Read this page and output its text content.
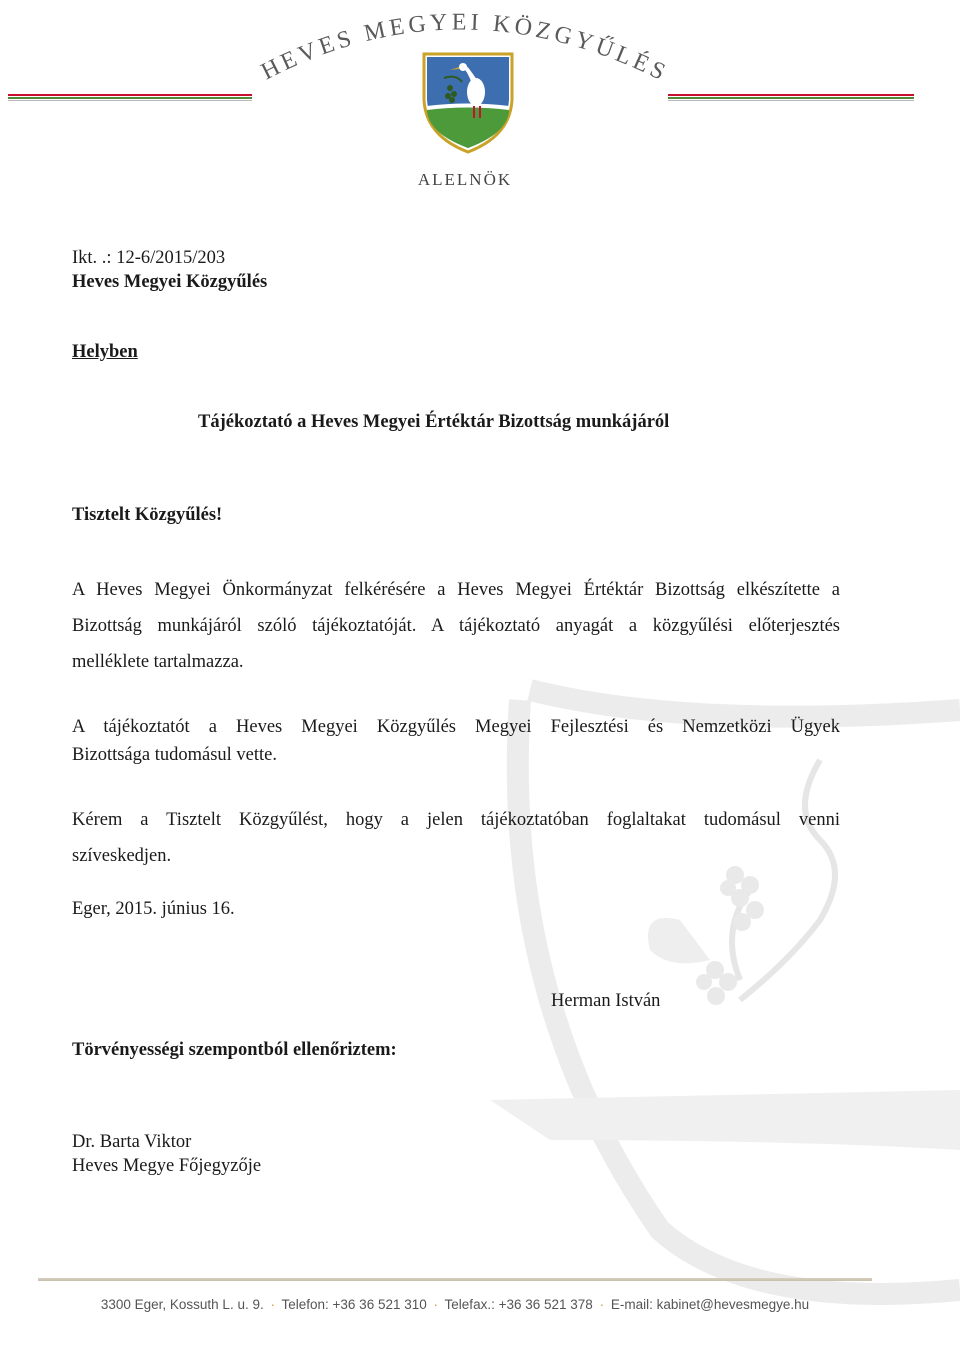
HEVES MEGYEI KÖZGYŰLÉS
ALELNÖK
Ikt. .: 12-6/2015/203
Heves Megyei Közgyűlés
Helyben
Tájékoztató a Heves Megyei Értéktár Bizottság munkájáról
Tisztelt Közgyűlés!
A Heves Megyei Önkormányzat felkérésére a Heves Megyei Értéktár Bizottság elkészítette a
Bizottság munkájáról szóló tájékoztatóját. A tájékoztató anyagát a közgyűlési előterjesztés
melléklete tartalmazza.
A tájékoztatót a Heves Megyei Közgyűlés Megyei Fejlesztési és Nemzetközi Ügyek
Bizottsága tudomásul vette.
Kérem a Tisztelt Közgyűlést, hogy a jelen tájékoztatóban foglaltakat tudomásul venni
szíveskedjen.
Eger, 2015. június 16.
Herman István
Törvényességi szempontból ellenőriztem:
Dr. Barta Viktor
Heves Megye Főjegyzője
3300 Eger, Kossuth L. u. 9. · Telefon: +36 36 521 310 · Telefax.: +36 36 521 378 · E-mail: kabinet@hevesmegye.hu
